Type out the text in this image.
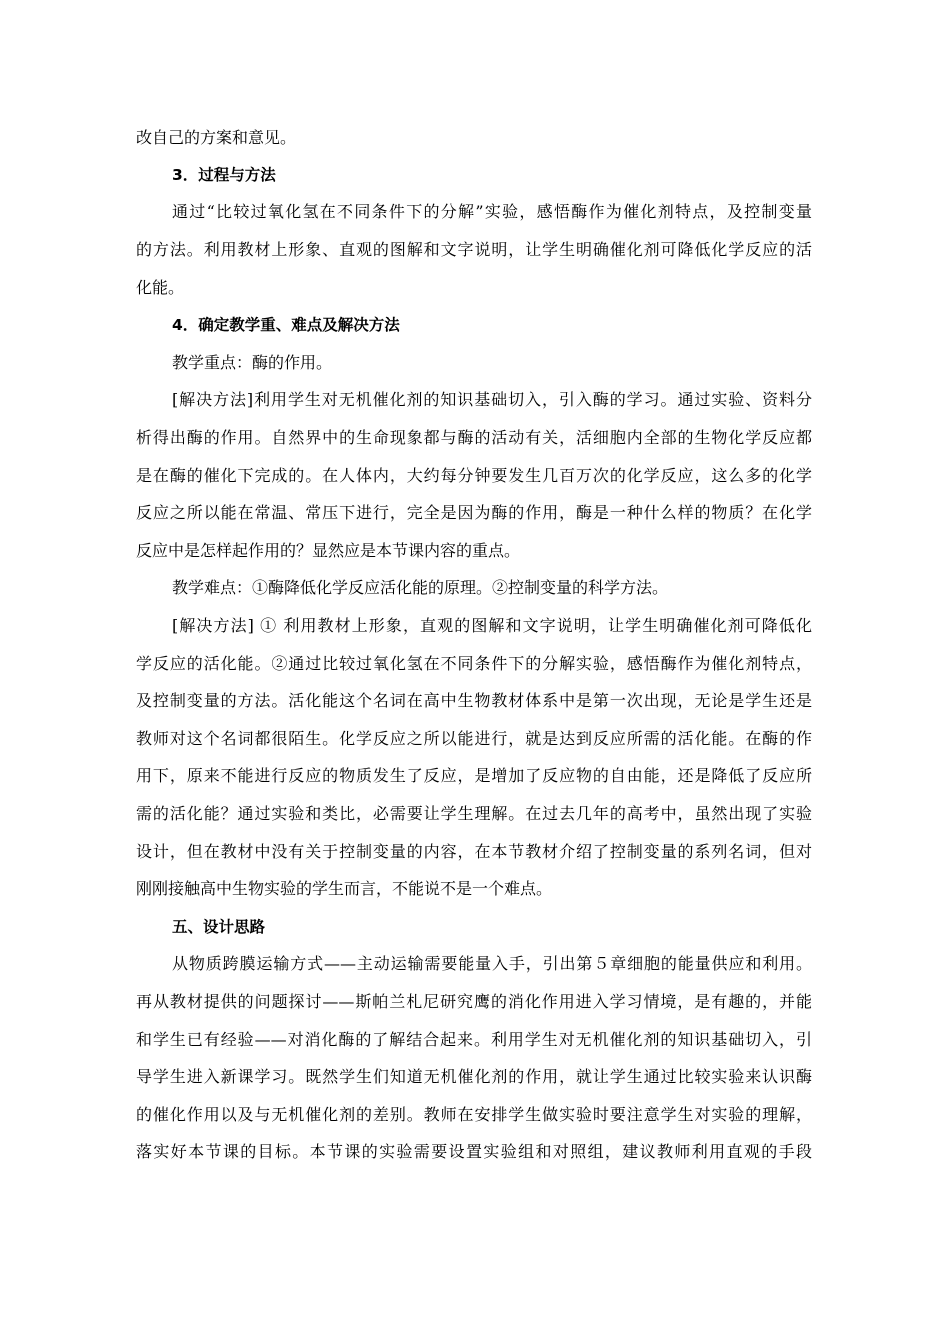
改自己的方案和意见。
3．过程与方法
通过“比较过氧化氢在不同条件下的分解”实验，感悟酶作为催化剂特点，及控制变量
的方法。利用教材上形象、直观的图解和文字说明，让学生明确催化剂可降低化学反应的活
化能。
4．确定教学重、难点及解决方法
教学重点：酶的作用。
[解决方法]利用学生对无机催化剂的知识基础切入，引入酶的学习。通过实验、资料分
析得出酶的作用。自然界中的生命现象都与酶的活动有关，活细胞内全部的生物化学反应都
是在酶的催化下完成的。在人体内，大约每分钟要发生几百万次的化学反应，这么多的化学
反应之所以能在常温、常压下进行，完全是因为酶的作用，酶是一种什么样的物质？在化学
反应中是怎样起作用的？显然应是本节课内容的重点。
教学难点：①酶降低化学反应活化能的原理。②控制变量的科学方法。
[解决方法] ① 利用教材上形象，直观的图解和文字说明，让学生明确催化剂可降低化
学反应的活化能。②通过比较过氧化氢在不同条件下的分解实验，感悟酶作为催化剂特点，
及控制变量的方法。活化能这个名词在高中生物教材体系中是第一次出现，无论是学生还是
教师对这个名词都很陌生。化学反应之所以能进行，就是达到反应所需的活化能。在酶的作
用下，原来不能进行反应的物质发生了反应，是增加了反应物的自由能，还是降低了反应所
需的活化能？通过实验和类比，必需要让学生理解。在过去几年的高考中，虽然出现了实验
设计，但在教材中没有关于控制变量的内容，在本节教材介绍了控制变量的系列名词，但对
刚刚接触高中生物实验的学生而言，不能说不是一个难点。
五、设计思路
从物质跨膜运输方式——主动运输需要能量入手，引出第５章细胞的能量供应和利用。
再从教材提供的问题探讨——斯帕兰札尼研究鹰的消化作用进入学习情境，是有趣的，并能
和学生已有经验——对消化酶的了解结合起来。利用学生对无机催化剂的知识基础切入，引
导学生进入新课学习。既然学生们知道无机催化剂的作用，就让学生通过比较实验来认识酶
的催化作用以及与无机催化剂的差别。教师在安排学生做实验时要注意学生对实验的理解，
落实好本节课的目标。本节课的实验需要设置实验组和对照组，建议教师利用直观的手段
